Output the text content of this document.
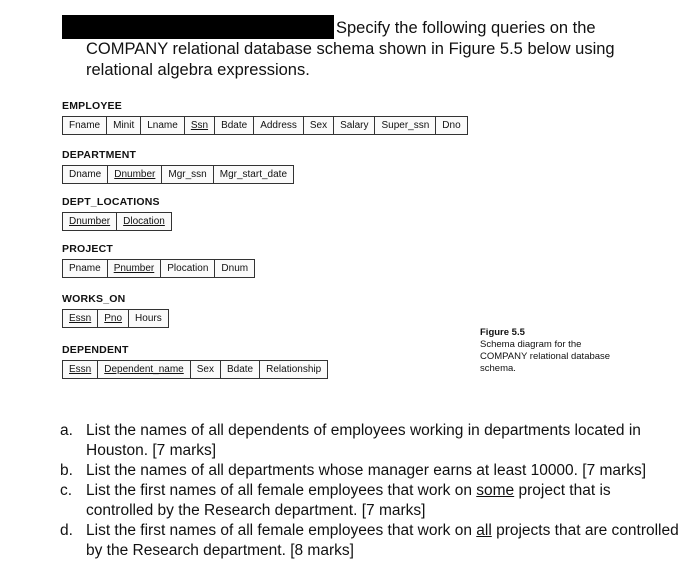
Specify the following queries on the
COMPANY relational database schema shown in Figure 5.5 below using
relational algebra expressions.
EMPLOYEE
Fname	Minit	Lname	Ssn	Bdate	Address	Sex	Salary	Super_ssn	Dno
DEPARTMENT
Dname	Dnumber	Mgr_ssn	Mgr_start_date
DEPT_LOCATIONS
Dnumber	Dlocation
PROJECT
Pname	Pnumber	Plocation	Dnum
WORKS_ON
Essn	Pno	Hours
DEPENDENT
Essn	Dependent_name	Sex	Bdate	Relationship
Figure 5.5
Schema diagram for the COMPANY relational database schema.
a. List the names of all dependents of employees working in departments located in Houston. [7 marks]
b. List the names of all departments whose manager earns at least 10000. [7 marks]
c. List the first names of all female employees that work on some project that is controlled by the Research department. [7 marks]
d. List the first names of all female employees that work on all projects that are controlled by the Research department. [8 marks]
